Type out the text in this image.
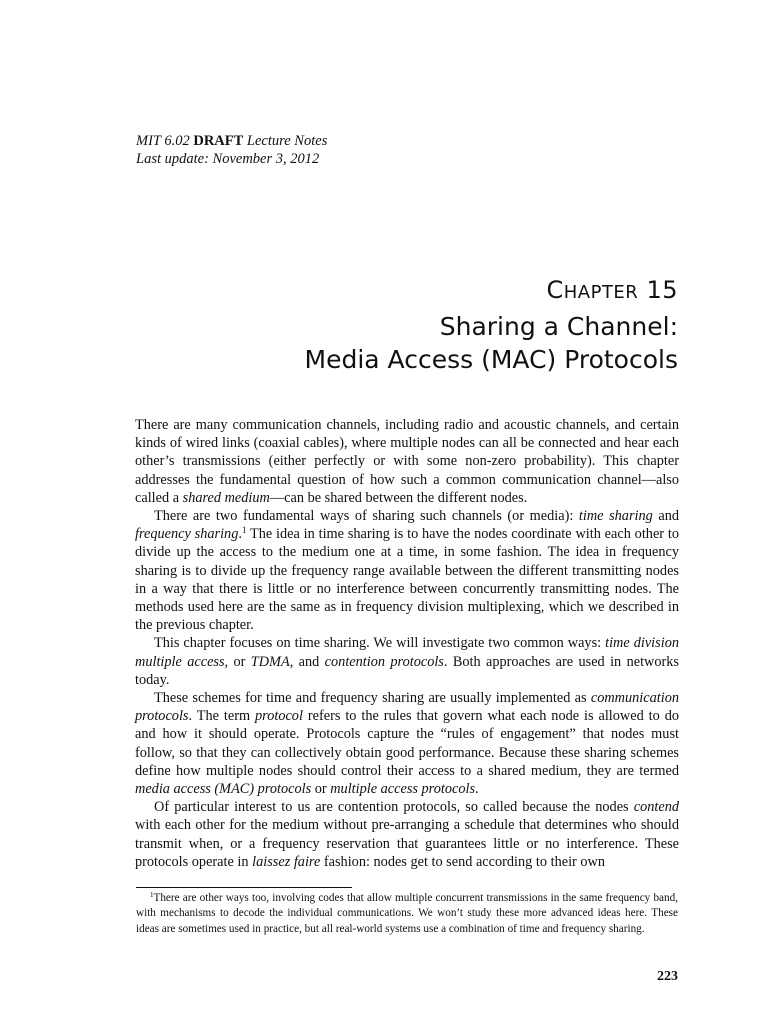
MIT 6.02 DRAFT Lecture Notes
Last update: November 3, 2012
CHAPTER 15
Sharing a Channel:
Media Access (MAC) Protocols

There are many communication channels, including radio and acoustic channels, and certain kinds of wired links (coaxial cables), where multiple nodes can all be connected and hear each other’s transmissions (either perfectly or with some non-zero probability). This chapter addresses the fundamental question of how such a common communication channel—also called a shared medium—can be shared between the different nodes.

There are two fundamental ways of sharing such channels (or media): time sharing and frequency sharing.$^1$ The idea in time sharing is to have the nodes coordinate with each other to divide up the access to the medium one at a time, in some fashion. The idea in frequency sharing is to divide up the frequency range available between the different transmitting nodes in a way that there is little or no interference between concurrently transmitting nodes. The methods used here are the same as in frequency division multiplexing, which we described in the previous chapter.

This chapter focuses on time sharing. We will investigate two common ways: time division multiple access, or TDMA, and contention protocols. Both approaches are used in networks today.

These schemes for time and frequency sharing are usually implemented as communication protocols. The term protocol refers to the rules that govern what each node is allowed to do and how it should operate. Protocols capture the “rules of engagement” that nodes must follow, so that they can collectively obtain good performance. Because these sharing schemes define how multiple nodes should control their access to a shared medium, they are termed media access (MAC) protocols or multiple access protocols.

Of particular interest to us are contention protocols, so called because the nodes contend with each other for the medium without pre-arranging a schedule that determines who should transmit when, or a frequency reservation that guarantees little or no interference. These protocols operate in laissez faire fashion: nodes get to send according to their own

$^1$There are other ways too, involving codes that allow multiple concurrent transmissions in the same frequency band, with mechanisms to decode the individual communications. We won’t study these more advanced ideas here. These ideas are sometimes used in practice, but all real-world systems use a combination of time and frequency sharing.
223
